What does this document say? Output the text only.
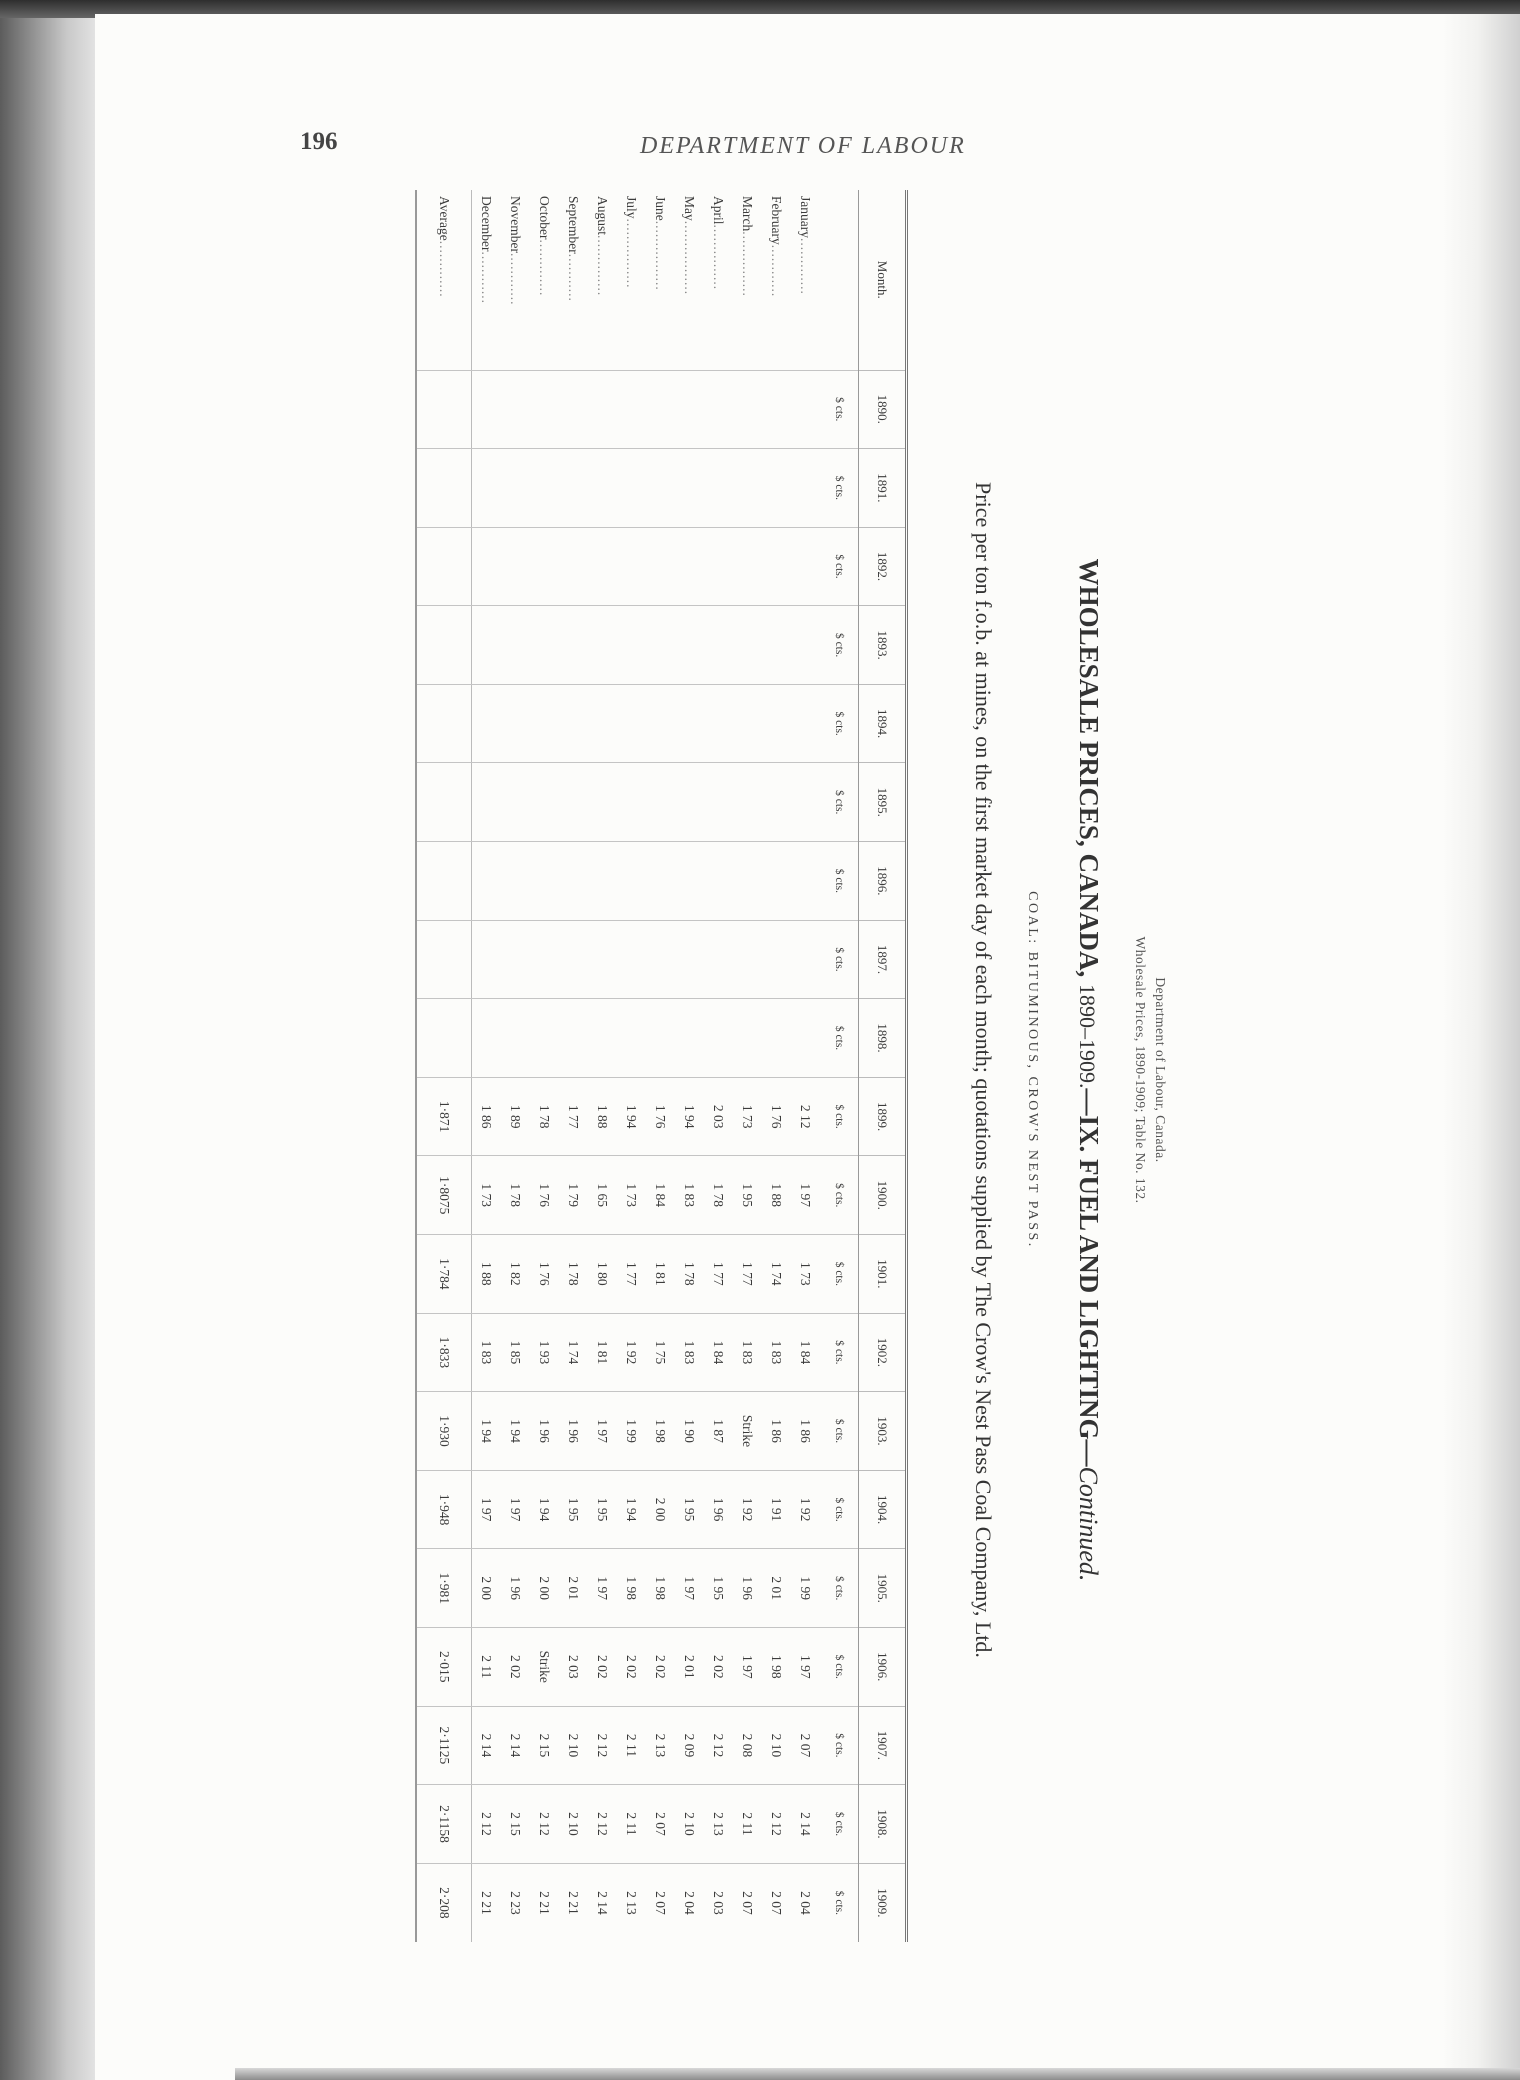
196	DEPARTMENT OF LABOUR
Department of Labour, Canada.
Wholesale Prices, 1890-1909; Table No. 132.
WHOLESALE PRICES, CANADA, 1890–1909.—IX. FUEL AND LIGHTING—Continued.
COAL: BITUMINOUS, CROW'S NEST PASS.
Price per ton f.o.b. at mines, on the first market day of each month; quotations supplied by The Crow's Nest Pass Coal Company, Ltd.
Month.	1890.	1891.	1892.	1893.	1894.	1895.	1896.	1897.	1898.	1899.	1900.	1901.	1902.	1903.	1904.	1905.	1906.	1907.	1908.	1909.
	$ cts.	$ cts.	$ cts.	$ cts.	$ cts.	$ cts.	$ cts.	$ cts.	$ cts.	$ cts.	$ cts.	$ cts.	$ cts.	$ cts.	$ cts.	$ cts.	$ cts.	$ cts.	$ cts.	$ cts.
January.............										2 12	1 97	1 73	1 84	1 86	1 92	1 99	1 97	2 07	2 14	2 04
February............										1 76	1 88	1 74	1 83	1 86	1 91	2 01	1 98	2 10	2 12	2 07
March...............										1 73	1 95	1 77	1 83	Strike	1 92	1 96	1 97	2 08	2 11	2 07
April...............										2 03	1 78	1 77	1 84	1 87	1 96	1 95	2 02	2 12	2 13	2 03
May.................										1 94	1 83	1 78	1 83	1 90	1 95	1 97	2 01	2 09	2 10	2 04
June................										1 76	1 84	1 81	1 75	1 98	2 00	1 98	2 02	2 13	2 07	2 07
July................										1 94	1 73	1 77	1 92	1 99	1 94	1 98	2 02	2 11	2 11	2 13
August..............										1 88	1 65	1 80	1 81	1 97	1 95	1 97	2 02	2 12	2 12	2 14
September...........										1 77	1 79	1 78	1 74	1 96	1 95	2 01	2 03	2 10	2 10	2 21
October.............										1 78	1 76	1 76	1 93	1 96	1 94	2 00	Strike	2 15	2 12	2 21
November............										1 89	1 78	1 82	1 85	1 94	1 97	1 96	2 02	2 14	2 15	2 23
December............										1 86	1 73	1 88	1 83	1 94	1 97	2 00	2 11	2 14	2 12	2 21
Average.............										1·871	1·8075	1·784	1·833	1·930	1·948	1·981	2·015	2·1125	2·1158	2·208
